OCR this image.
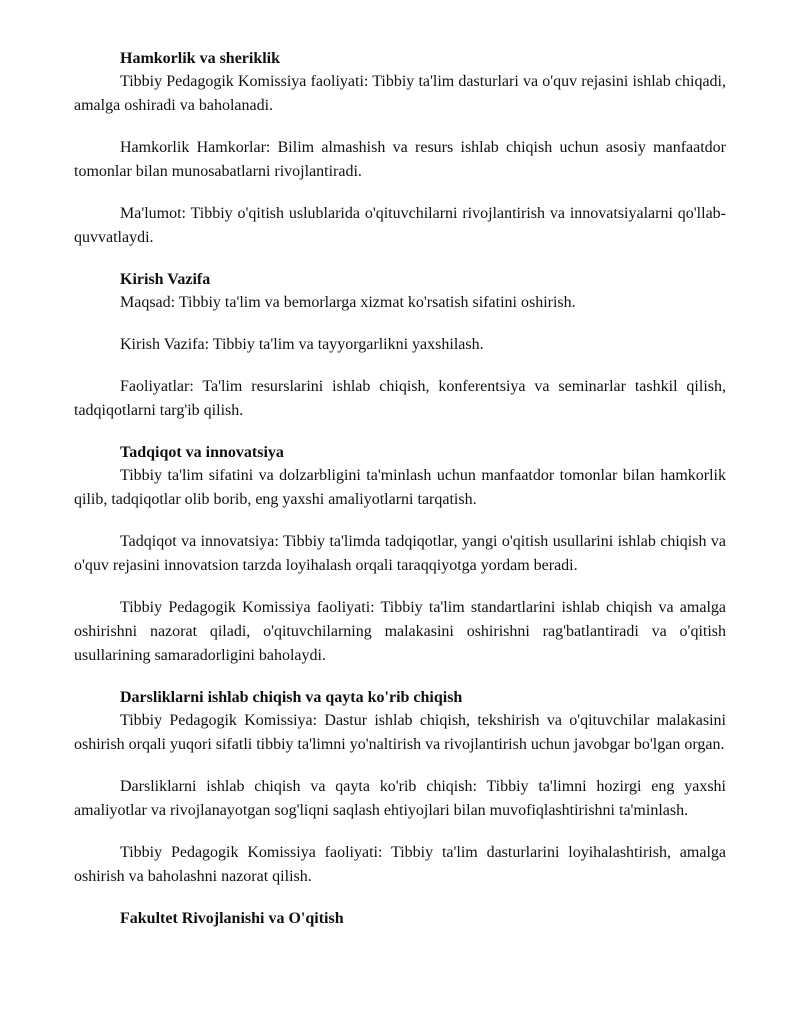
Hamkorlik va sheriklik

Tibbiy Pedagogik Komissiya faoliyati: Tibbiy ta'lim dasturlari va o'quv rejasini ishlab chiqadi, amalga oshiradi va baholanadi.

Hamkorlik Hamkorlar: Bilim almashish va resurs ishlab chiqish uchun asosiy manfaatdor tomonlar bilan munosabatlarni rivojlantiradi.

Ma'lumot: Tibbiy o'qitish uslublarida o'qituvchilarni rivojlantirish va innovatsiyalarni qo'llab-quvvatlaydi.

Kirish Vazifa

Maqsad: Tibbiy ta'lim va bemorlarga xizmat ko'rsatish sifatini oshirish.

Kirish Vazifa: Tibbiy ta'lim va tayyorgarlikni yaxshilash.

Faoliyatlar: Ta'lim resurslarini ishlab chiqish, konferentsiya va seminarlar tashkil qilish, tadqiqotlarni targ'ib qilish.

Tadqiqot va innovatsiya

Tibbiy ta'lim sifatini va dolzarbligini ta'minlash uchun manfaatdor tomonlar bilan hamkorlik qilib, tadqiqotlar olib borib, eng yaxshi amaliyotlarni tarqatish.

Tadqiqot va innovatsiya: Tibbiy ta'limda tadqiqotlar, yangi o'qitish usullarini ishlab chiqish va o'quv rejasini innovatsion tarzda loyihalash orqali taraqqiyotga yordam beradi.

Tibbiy Pedagogik Komissiya faoliyati: Tibbiy ta'lim standartlarini ishlab chiqish va amalga oshirishni nazorat qiladi, o'qituvchilarning malakasini oshirishni rag'batlantiradi va o'qitish usullarining samaradorligini baholaydi.

Darsliklarni ishlab chiqish va qayta ko'rib chiqish

Tibbiy Pedagogik Komissiya: Dastur ishlab chiqish, tekshirish va o'qituvchilar malakasini oshirish orqali yuqori sifatli tibbiy ta'limni yo'naltirish va rivojlantirish uchun javobgar bo'lgan organ.

Darsliklarni ishlab chiqish va qayta ko'rib chiqish: Tibbiy ta'limni hozirgi eng yaxshi amaliyotlar va rivojlanayotgan sog'liqni saqlash ehtiyojlari bilan muvofiqlashtirishni ta'minlash.

Tibbiy Pedagogik Komissiya faoliyati: Tibbiy ta'lim dasturlarini loyihalashtirish, amalga oshirish va baholashni nazorat qilish.

Fakultet Rivojlanishi va O'qitish
